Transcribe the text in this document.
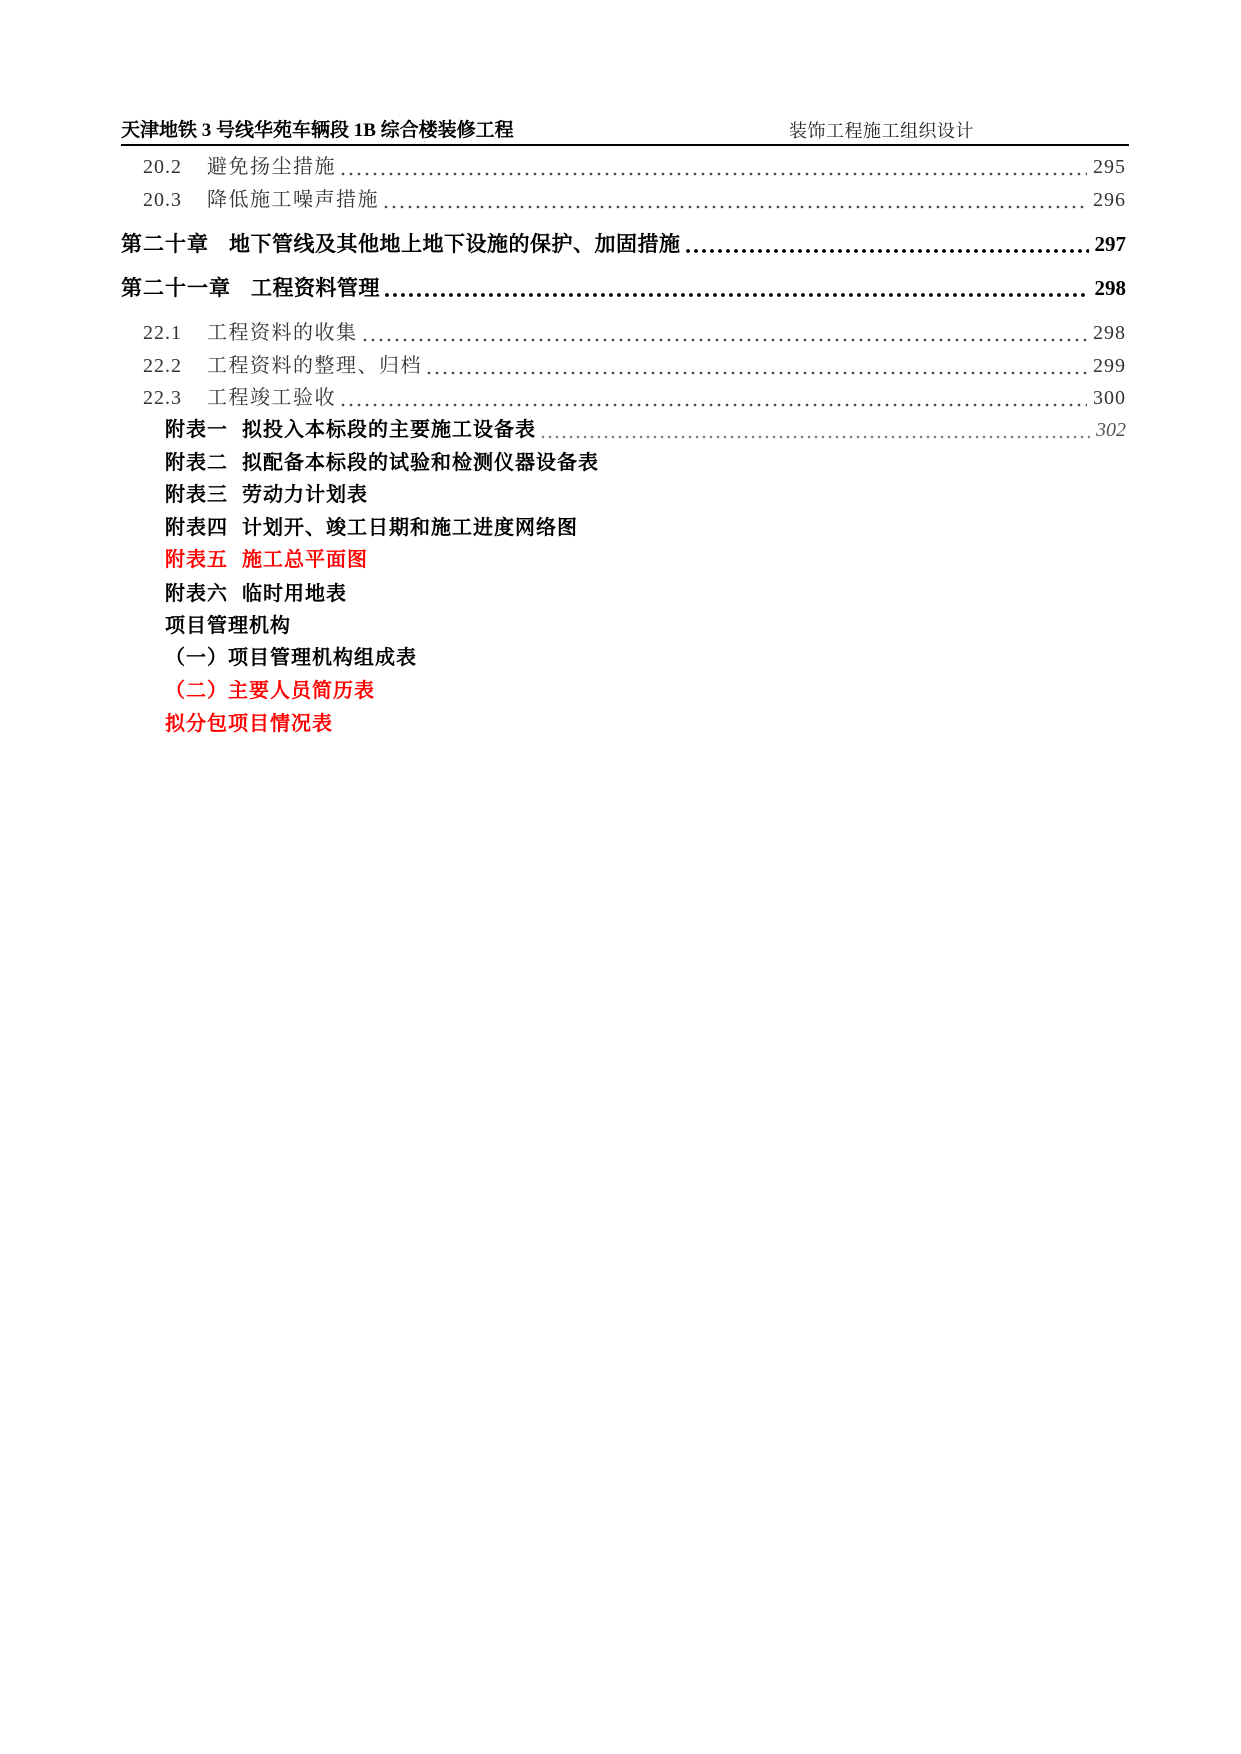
天津地铁 3 号线华苑车辆段 1B 综合楼装修工程	装饰工程施工组织设计
20.2	避免扬尘措施	295
20.3	降低施工噪声措施	296
第二十章 地下管线及其他地上地下设施的保护、加固措施	297
第二十一章 工程资料管理	298
22.1	工程资料的收集	298
22.2	工程资料的整理、归档	299
22.3	工程竣工验收	300
附表一 拟投入本标段的主要施工设备表	302
附表二 拟配备本标段的试验和检测仪器设备表
附表三 劳动力计划表
附表四 计划开、竣工日期和施工进度网络图
附表五 施工总平面图
附表六 临时用地表
项目管理机构
（一）项目管理机构组成表
（二）主要人员简历表
拟分包项目情况表
